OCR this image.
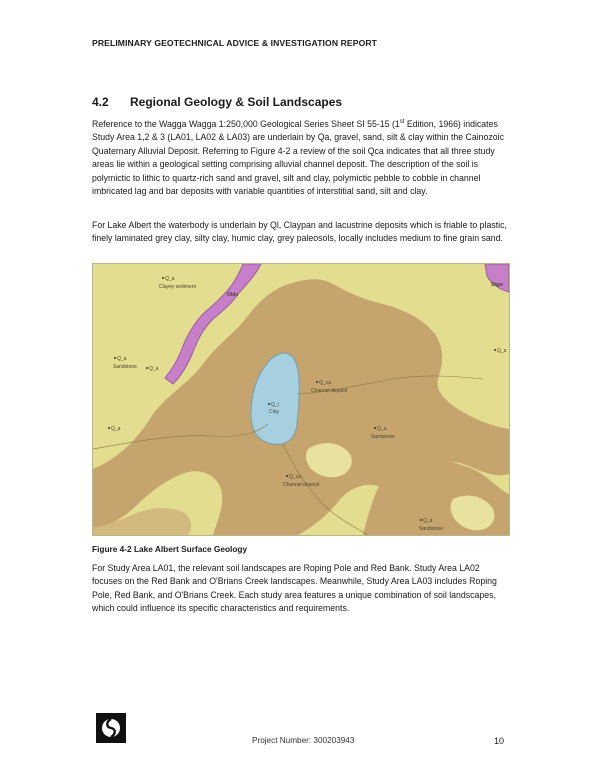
PRELIMINARY GEOTECHNICAL ADVICE & INVESTIGATION REPORT
4.2 Regional Geology & Soil Landscapes
Reference to the Wagga Wagga 1:250,000 Geological Series Sheet SI 55-15 (1st Edition, 1966) indicates Study Area 1,2 & 3 (LA01, LA02 & LA03) are underlain by Qa, gravel, sand, silt & clay within the Cainozoic Quaternary Alluvial Deposit. Referring to Figure 4-2 a review of the soil Qca indicates that all three study areas lie within a geological setting comprising alluvial channel deposit. The description of the soil is polymictic to lithic to quartz-rich sand and gravel, silt and clay, polymictic pebble to cobble in channel imbricated lag and bar deposits with variable quantities of interstitial sand, silt and clay.
For Lake Albert the waterbody is underlain by Ql, Claypan and lacustrine deposits which is friable to plastic, finely laminated grey clay, silty clay, humic clay, grey paleosols, locally includes medium to fine grain sand.
Q_a
Clayey sediment
Olds
Q_a
Sandstone Q_a
Q_ca
Channel deposit
Q_l
Clay
Q_a
Q_ca
Channel deposit
Q_a
Sandstone
Q_a
Sandstone
Stgw
Q_a
Figure 4-2 Lake Albert Surface Geology
For Study Area LA01, the relevant soil landscapes are Roping Pole and Red Bank. Study Area LA02 focuses on the Red Bank and O'Brians Creek landscapes. Meanwhile, Study Area LA03 includes Roping Pole, Red Bank, and O'Brians Creek. Each study area features a unique combination of soil landscapes, which could influence its specific characteristics and requirements.
Project Number: 300203943	10
